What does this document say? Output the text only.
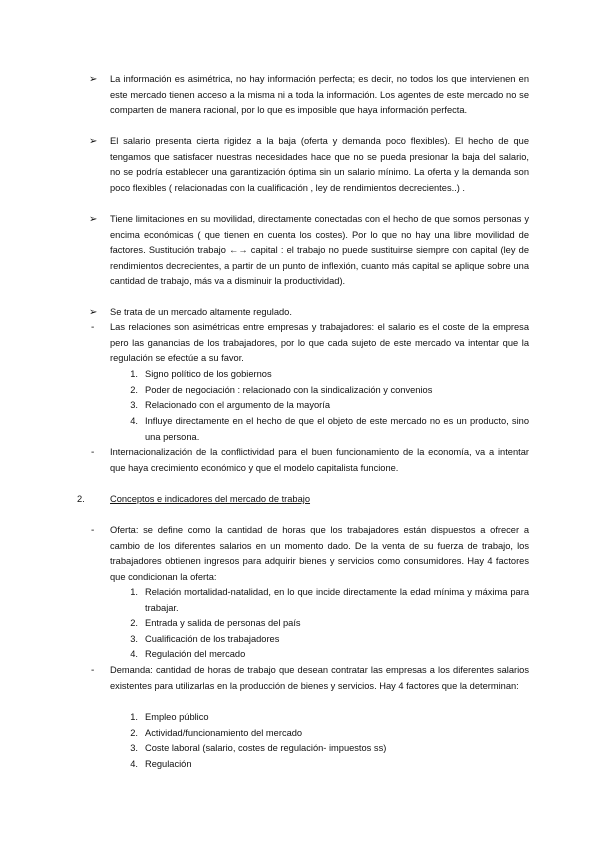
➢ La información es asimétrica, no hay información perfecta; es decir, no todos los que intervienen en este mercado tienen acceso a la misma ni a toda la información. Los agentes de este mercado no se comparten de manera racional, por lo que es imposible que haya información perfecta.
➢ El salario presenta cierta rigidez a la baja (oferta y demanda poco flexibles). El hecho de que tengamos que satisfacer nuestras necesidades hace que no se pueda presionar la baja del salario, no se podría establecer una garantización óptima sin un salario mínimo. La oferta y la demanda son poco flexibles ( relacionadas con la cualificación , ley de rendimientos decrecientes..) .
➢ Tiene limitaciones en su movilidad, directamente conectadas con el hecho de que somos personas y encima económicas ( que tienen en cuenta los costes). Por lo que no hay una libre movilidad de factores. Sustitución trabajo ←→ capital : el trabajo no puede sustituirse siempre con capital (ley de rendimientos decrecientes, a partir de un punto de inflexión, cuanto más capital se aplique sobre una cantidad de trabajo, más va a disminuir la productividad).
➢ Se trata de un mercado altamente regulado.
- Las relaciones son asimétricas entre empresas y trabajadores: el salario es el coste de la empresa pero las ganancias de los trabajadores, por lo que cada sujeto de este mercado va intentar que la regulación se efectúe a su favor.
1. Signo político de los gobiernos
2. Poder de negociación : relacionado con la sindicalización y convenios
3. Relacionado con el argumento de la mayoría
4. Influye directamente en el hecho de que el objeto de este mercado no es un producto, sino una persona.
- Internacionalización de la conflictividad para el buen funcionamiento de la economía, va a intentar que haya crecimiento económico y que el modelo capitalista funcione.
2.	Conceptos e indicadores del mercado de trabajo
- Oferta: se define como la cantidad de horas que los trabajadores están dispuestos a ofrecer a cambio de los diferentes salarios en un momento dado. De la venta de su fuerza de trabajo, los trabajadores obtienen ingresos para adquirir bienes y servicios como consumidores. Hay 4 factores que condicionan la oferta:
1. Relación mortalidad-natalidad, en lo que incide directamente la edad mínima y máxima para trabajar.
2. Entrada y salida de personas del país
3. Cualificación de los trabajadores
4. Regulación del mercado
- Demanda: cantidad de horas de trabajo que desean contratar las empresas a los diferentes salarios existentes para utilizarlas en la producción de bienes y servicios. Hay 4 factores que la determinan:
1. Empleo público
2. Actividad/funcionamiento del mercado
3. Coste laboral (salario, costes de regulación- impuestos ss)
4. Regulación
